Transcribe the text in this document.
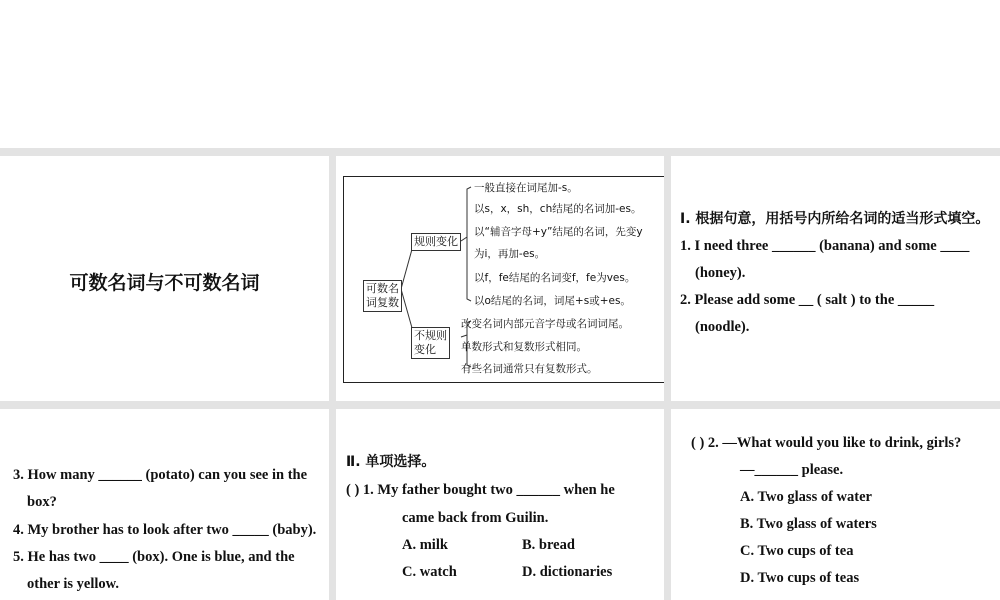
可数名词与不可数名词	可数名
词复数
规则变化
不规则
变化
一般直接在词尾加-s。
以s，x，sh，ch结尾的名词加-es。
以“辅音字母+y”结尾的名词，先变y
为i，再加-es。
以f，fe结尾的名词变f，fe为ves。
以o结尾的名词，词尾+s或+es。
改变名词内部元音字母或名词词尾。
单数形式和复数形式相同。
有些名词通常只有复数形式。
Ⅰ. 根据句意，用括号内所给名词的适当形式填空。
1. I need three ______ (banana) and some ____
(honey).
2. Please add some __ ( salt ) to the _____
(noodle).
3. How many ______ (potato) can you see in the
box?
4. My brother has to look after two _____ (baby).
5. He has two ____ (box). One is blue, and the
other is yellow.
Ⅱ. 单项选择。
( ) 1. My father bought two ______ when he
came back from Guilin.
A. milk	B. bread
C. watch	D. dictionaries
( ) 2. —What would you like to drink, girls?
—______ please.
A. Two glass of water
B. Two glass of waters
C. Two cups of tea
D. Two cups of teas
